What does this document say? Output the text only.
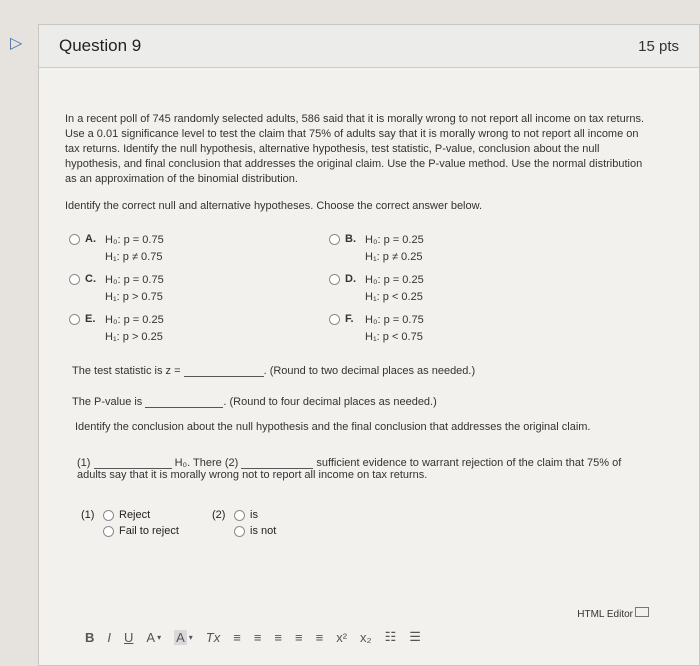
▷	Question 9	15 pts
In a recent poll of 745 randomly selected adults, 586 said that it is morally wrong to not report all income on tax returns. Use a 0.01 significance level to test the claim that 75% of adults say that it is morally wrong to not report all income on tax returns. Identify the null hypothesis, alternative hypothesis, test statistic, P-value, conclusion about the null hypothesis, and final conclusion that addresses the original claim. Use the P-value method. Use the normal distribution as an approximation of the binomial distribution.
Identify the correct null and alternative hypotheses. Choose the correct answer below.
A. H₀: p = 0.75
H₁: p ≠ 0.75
B. H₀: p = 0.25
H₁: p ≠ 0.25
C. H₀: p = 0.75
H₁: p > 0.75
D. H₀: p = 0.25
H₁: p < 0.25
E. H₀: p = 0.25
H₁: p > 0.25
F.	H₀: p = 0.75
H₁: p < 0.75
The test statistic is z =	. (Round to two decimal places as needed.)
The P-value is	. (Round to four decimal places as needed.)
Identify the conclusion about the null hypothesis and the final conclusion that addresses the original claim.
(1)	H₀. There (2)	sufficient evidence to warrant rejection of the claim that 75% of
adults say that it is morally wrong not to report all income on tax returns.
(1)	Reject
Fail to reject
(2)	is
is not
HTML Editor
B I U A ▾ A ▾ Tx ≡ ≡ ≡ ≡ ≡ x² x₂ ☷ ☰
